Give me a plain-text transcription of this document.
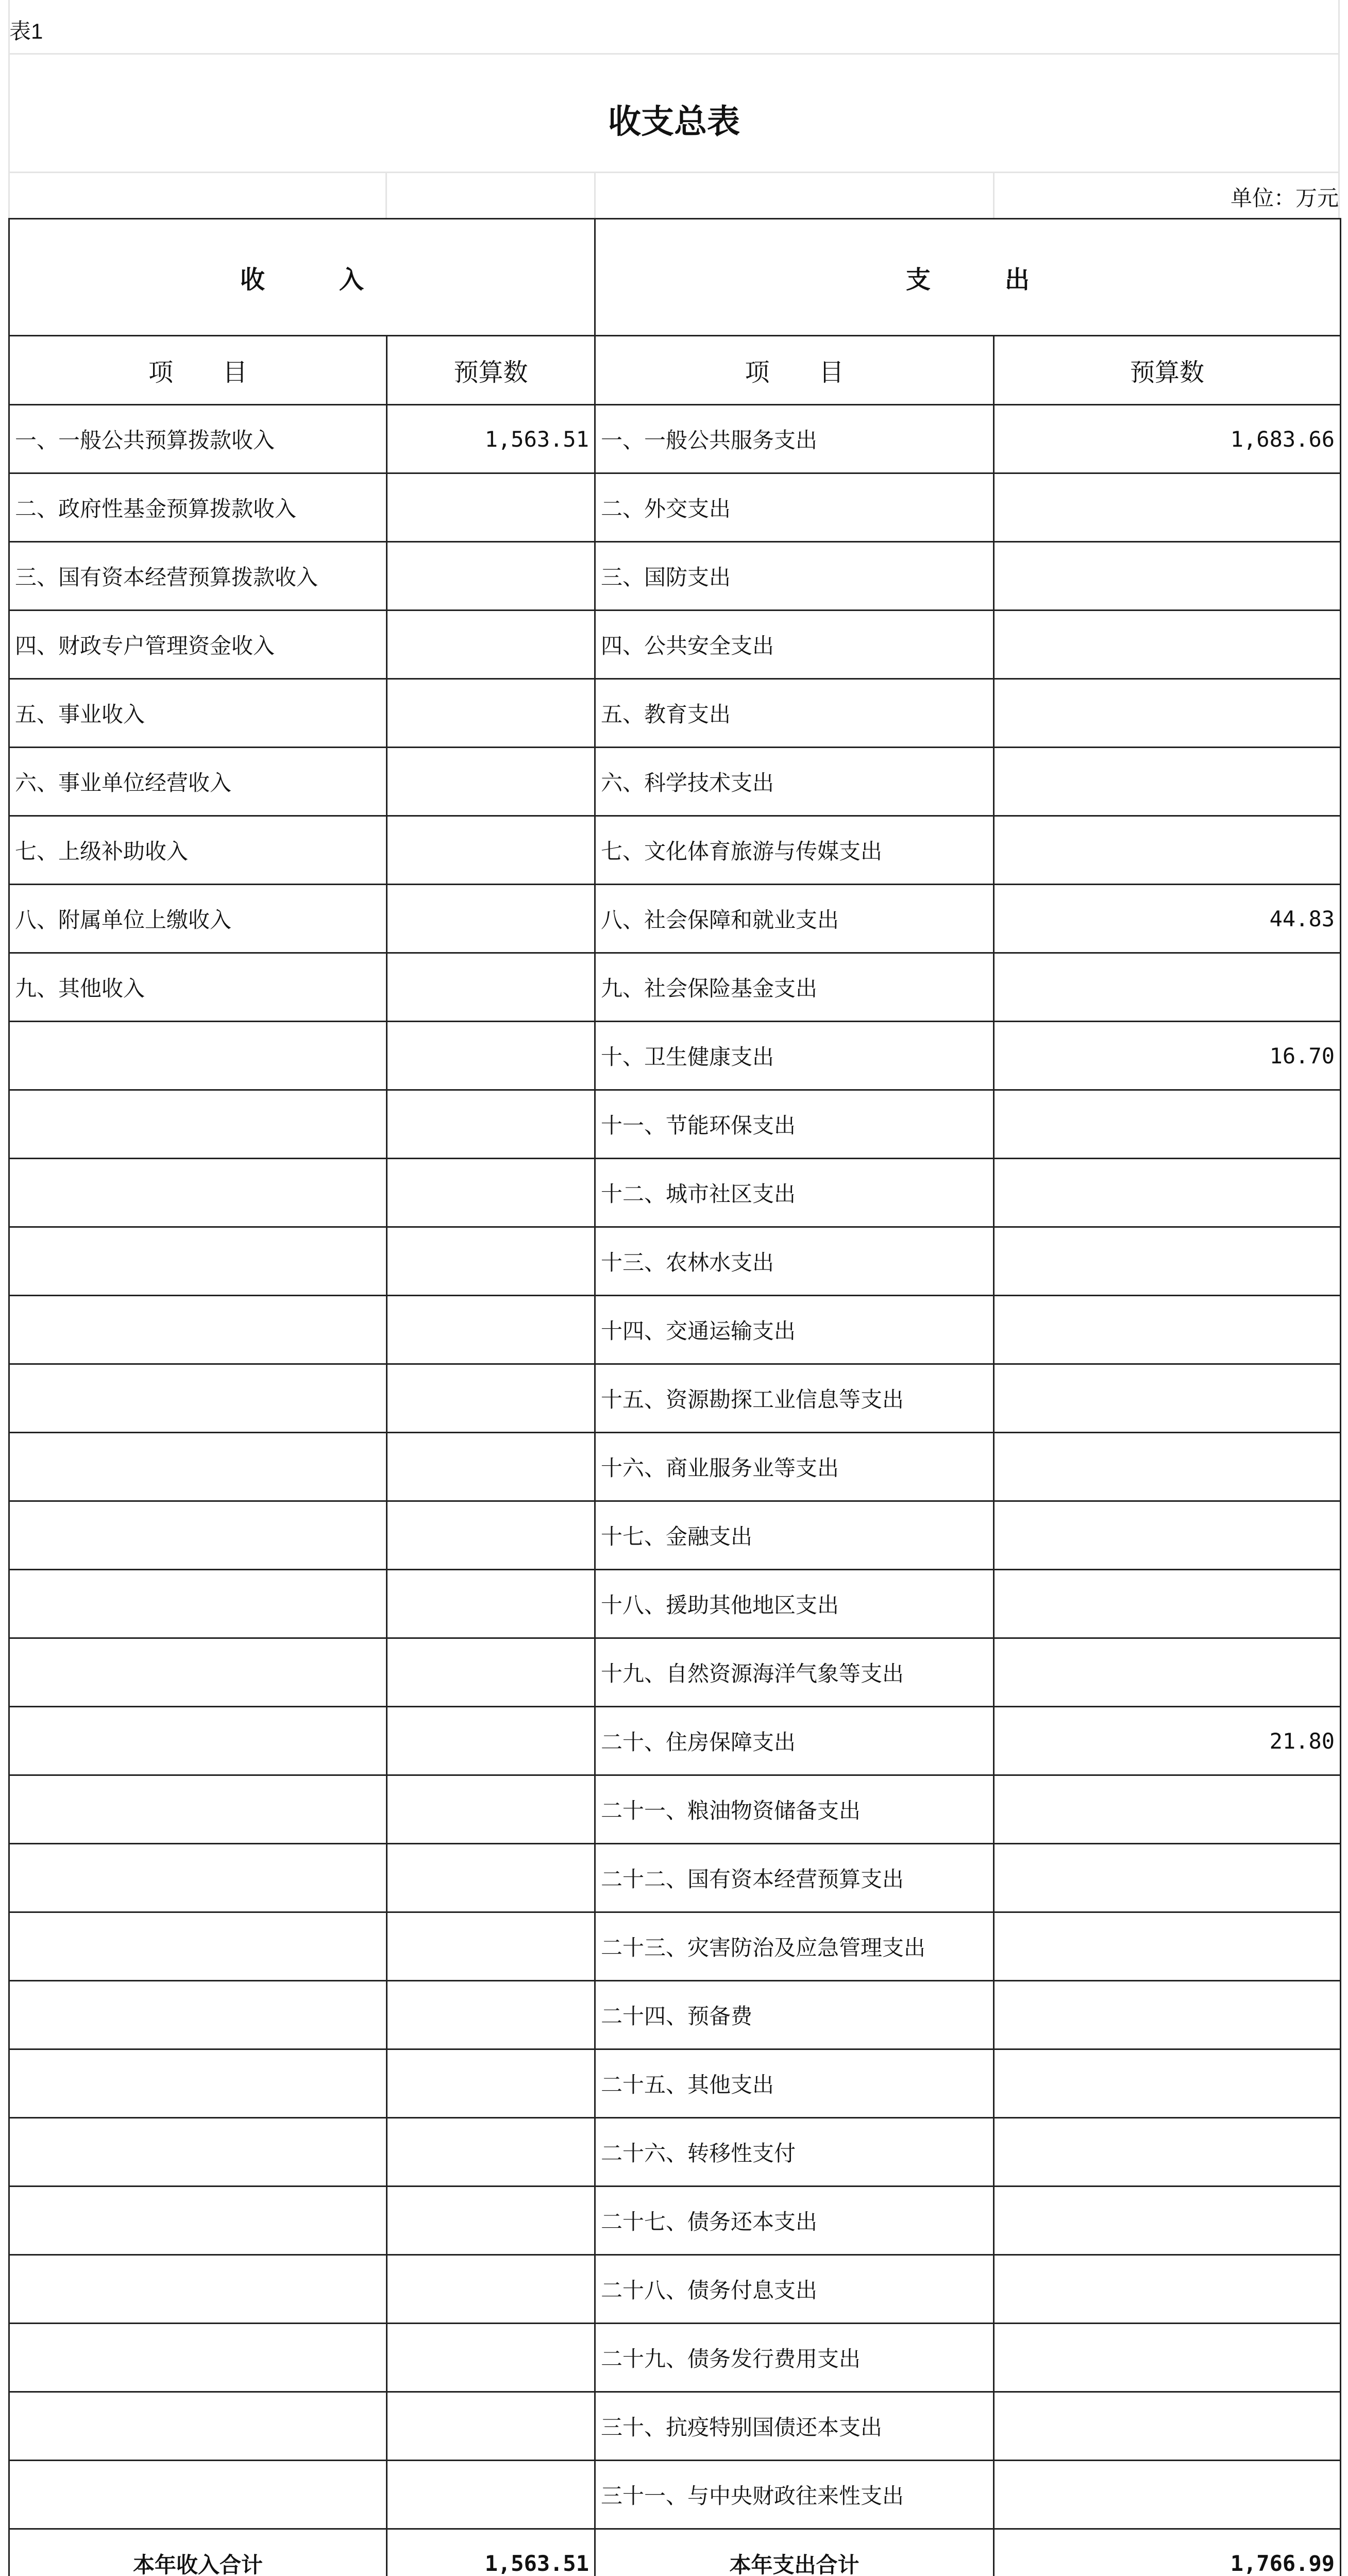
表1
收支总表
单位：万元
收　　　入		支　　　出	
项　　目	预算数	项　　目	预算数
一、一般公共预算拨款收入	1,563.51	一、一般公共服务支出	1,683.66
二、政府性基金预算拨款收入		二、外交支出	
三、国有资本经营预算拨款收入		三、国防支出	
四、财政专户管理资金收入		四、公共安全支出	
五、事业收入		五、教育支出	
六、事业单位经营收入		六、科学技术支出	
七、上级补助收入		七、文化体育旅游与传媒支出	
八、附属单位上缴收入		八、社会保障和就业支出	44.83
九、其他收入		九、社会保险基金支出	
		十、卫生健康支出	16.70
		十一、节能环保支出	
		十二、城市社区支出	
		十三、农林水支出	
		十四、交通运输支出	
		十五、资源勘探工业信息等支出	
		十六、商业服务业等支出	
		十七、金融支出	
		十八、援助其他地区支出	
		十九、自然资源海洋气象等支出	
		二十、住房保障支出	21.80
		二十一、粮油物资储备支出	
		二十二、国有资本经营预算支出	
		二十三、灾害防治及应急管理支出	
		二十四、预备费	
		二十五、其他支出	
		二十六、转移性支付	
		二十七、债务还本支出	
		二十八、债务付息支出	
		二十九、债务发行费用支出	
		三十、抗疫特别国债还本支出	
		三十一、与中央财政往来性支出	
本年收入合计	1,563.51	本年支出合计	1,766.99
